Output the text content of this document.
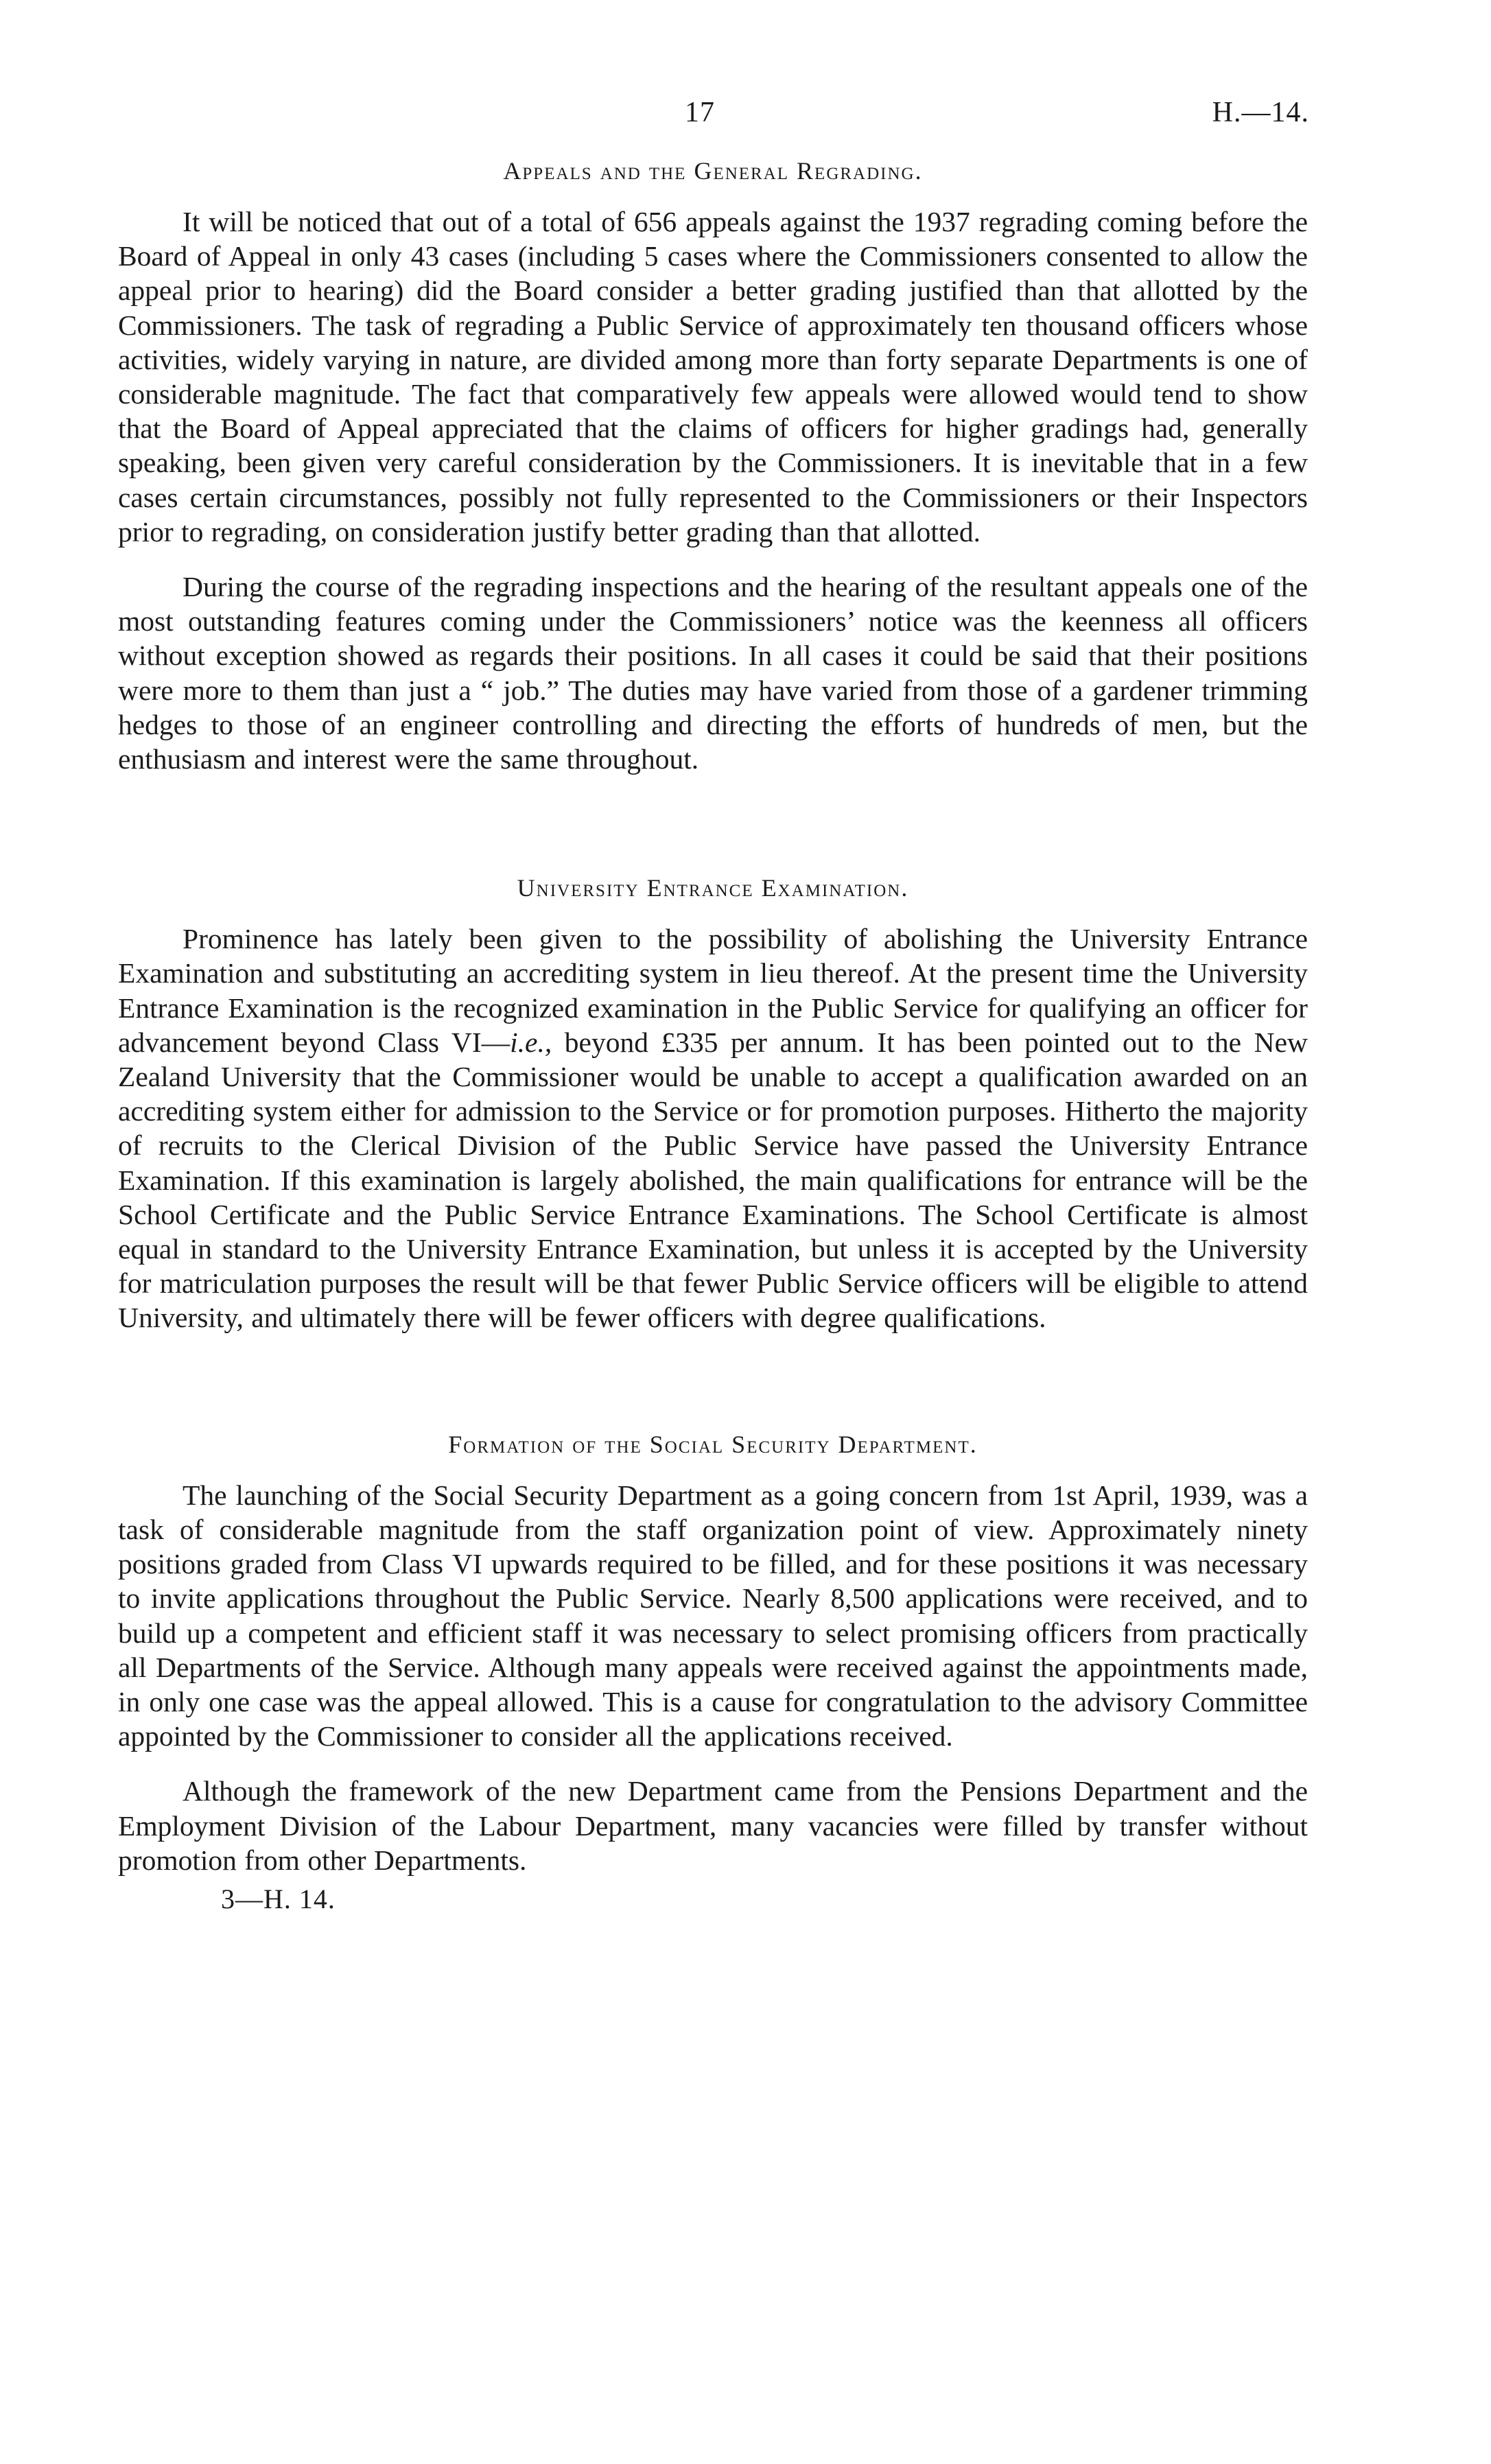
17	H.—14.
Appeals and the General Regrading.

It will be noticed that out of a total of 656 appeals against the 1937 regrading coming before the Board of Appeal in only 43 cases (including 5 cases where the Commissioners consented to allow the appeal prior to hearing) did the Board consider a better grading justified than that allotted by the Commissioners. The task of regrading a Public Service of approximately ten thousand officers whose activities, widely varying in nature, are divided among more than forty separate Departments is one of considerable magnitude. The fact that comparatively few appeals were allowed would tend to show that the Board of Appeal appreciated that the claims of officers for higher gradings had, generally speaking, been given very careful consideration by the Commissioners. It is inevitable that in a few cases certain circumstances, possibly not fully represented to the Commissioners or their Inspectors prior to regrading, on consideration justify better grading than that allotted.

During the course of the regrading inspections and the hearing of the resultant appeals one of the most outstanding features coming under the Commissioners’ notice was the keenness all officers without exception showed as regards their positions. In all cases it could be said that their positions were more to them than just a “ job.” The duties may have varied from those of a gardener trimming hedges to those of an engineer controlling and directing the efforts of hundreds of men, but the enthusiasm and interest were the same throughout.

University Entrance Examination.

Prominence has lately been given to the possibility of abolishing the University Entrance Examination and substituting an accrediting system in lieu thereof. At the present time the University Entrance Examination is the recognized examination in the Public Service for qualifying an officer for advancement beyond Class VI—i.e., beyond £335 per annum. It has been pointed out to the New Zealand University that the Commissioner would be unable to accept a qualification awarded on an accrediting system either for admission to the Service or for promotion purposes. Hitherto the majority of recruits to the Clerical Division of the Public Service have passed the University Entrance Examination. If this examination is largely abolished, the main qualifications for entrance will be the School Certificate and the Public Service Entrance Examinations. The School Certificate is almost equal in standard to the University Entrance Examination, but unless it is accepted by the University for matriculation purposes the result will be that fewer Public Service officers will be eligible to attend University, and ultimately there will be fewer officers with degree qualifications.

Formation of the Social Security Department.

The launching of the Social Security Department as a going concern from 1st April, 1939, was a task of considerable magnitude from the staff organization point of view. Approximately ninety positions graded from Class VI upwards required to be filled, and for these positions it was necessary to invite applications throughout the Public Service. Nearly 8,500 applications were received, and to build up a competent and efficient staff it was necessary to select promising officers from practically all Departments of the Service. Although many appeals were received against the appointments made, in only one case was the appeal allowed. This is a cause for congratulation to the advisory Committee appointed by the Commissioner to consider all the applications received.

Although the framework of the new Department came from the Pensions Department and the Employment Division of the Labour Department, many vacancies were filled by transfer without promotion from other Departments.

3—H. 14.
